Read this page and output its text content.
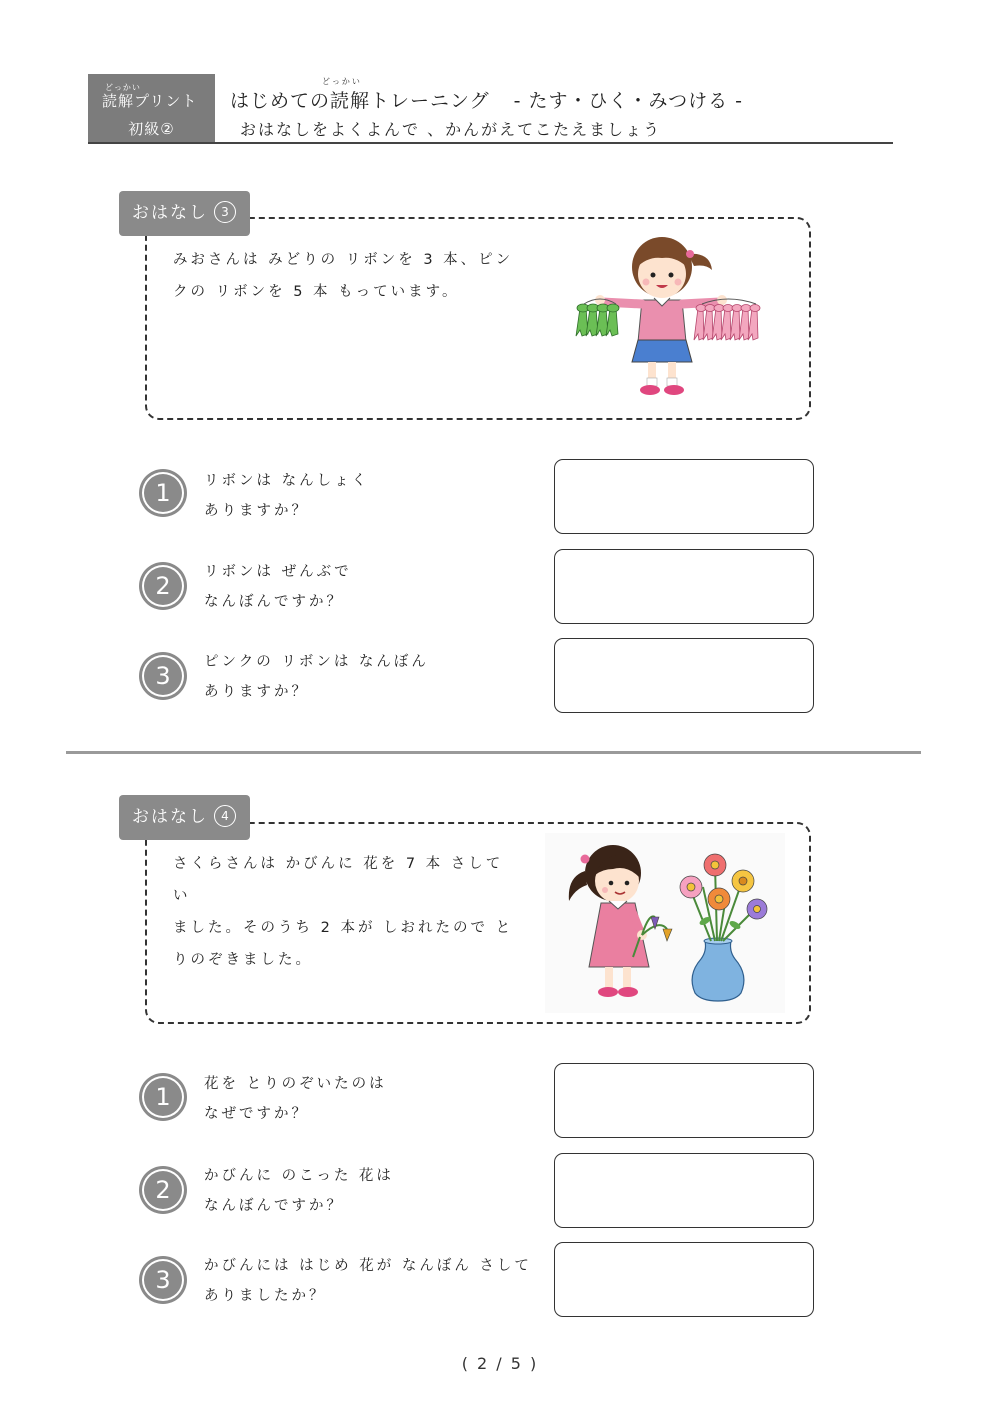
どっかい
読解プリント
初級②
どっかい
はじめての読解トレーニング - たす・ひく・みつける -
おはなしをよくよんで 、かんがえてこたえましょう
おはなし 3
みおさんは みどりの リボンを 3 本、ピン
クの リボンを 5 本 もっています。
1	リボンは なんしょく
ありますか？
2	リボンは ぜんぶで
なんぼんですか？
3	ピンクの リボンは なんぼん
ありますか？
おはなし 4
さくらさんは かびんに 花を 7 本 さしてい
ました。そのうち 2 本が しおれたので と
りのぞきました。
1	花を とりのぞいたのは
なぜですか？
2	かびんに のこった 花は
なんぼんですか？
3	かびんには はじめ 花が なんぼん さして
ありましたか？
( 2 / 5 )
